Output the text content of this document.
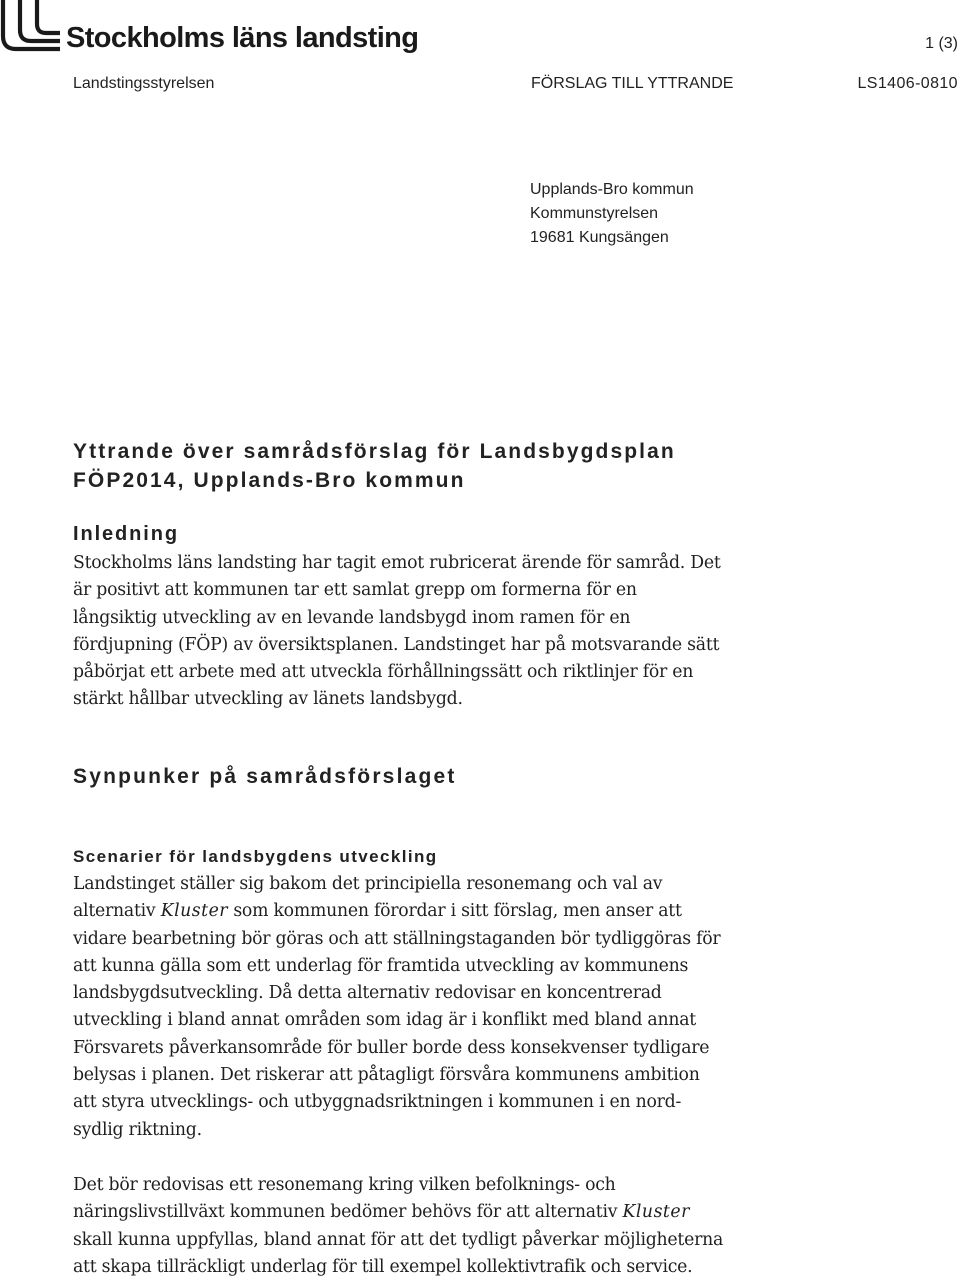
Stockholms läns landsting	1 (3)
Landstingsstyrelsen	FÖRSLAG TILL YTTRANDE	LS1406-0810
Upplands-Bro kommun
Kommunstyrelsen
19681 Kungsängen
Yttrande över samrådsförslag för Landsbygdsplan
FÖP2014, Upplands-Bro kommun
Inledning
Stockholms läns landsting har tagit emot rubricerat ärende för samråd. Det
är positivt att kommunen tar ett samlat grepp om formerna för en
långsiktig utveckling av en levande landsbygd inom ramen för en
fördjupning (FÖP) av översiktsplanen. Landstinget har på motsvarande sätt
påbörjat ett arbete med att utveckla förhållningssätt och riktlinjer för en
stärkt hållbar utveckling av länets landsbygd.
Synpunker på samrådsförslaget
Scenarier för landsbygdens utveckling
Landstinget ställer sig bakom det principiella resonemang och val av
alternativ Kluster som kommunen förordar i sitt förslag, men anser att
vidare bearbetning bör göras och att ställningstaganden bör tydliggöras för
att kunna gälla som ett underlag för framtida utveckling av kommunens
landsbygdsutveckling. Då detta alternativ redovisar en koncentrerad
utveckling i bland annat områden som idag är i konflikt med bland annat
Försvarets påverkansområde för buller borde dess konsekvenser tydligare
belysas i planen. Det riskerar att påtagligt försvåra kommunens ambition
att styra utvecklings- och utbyggnadsriktningen i kommunen i en nord-
sydlig riktning.
Det bör redovisas ett resonemang kring vilken befolknings- och
näringslivstillväxt kommunen bedömer behövs för att alternativ Kluster
skall kunna uppfyllas, bland annat för att det tydligt påverkar möjligheterna
att skapa tillräckligt underlag för till exempel kollektivtrafik och service.
